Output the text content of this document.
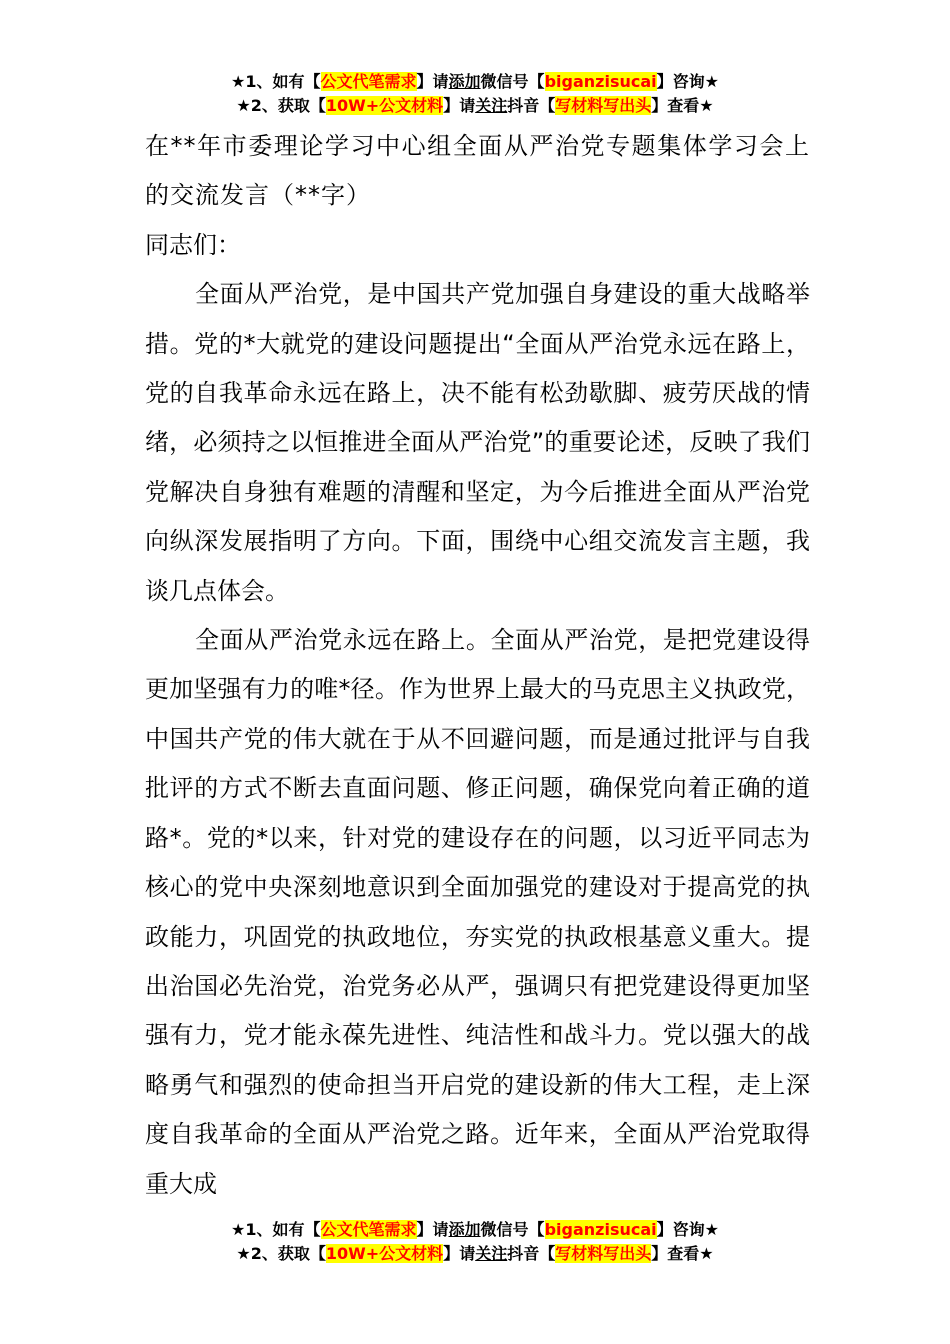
★1、如有【公文代笔需求】请添加微信号【biganzisucai】咨询★
★2、获取【10W+公文材料】请关注抖音【写材料写出头】查看★

在**年市委理论学习中心组全面从严治党专题集体学习会上的交流发言（**字）

同志们：

全面从严治党，是中国共产党加强自身建设的重大战略举措。党的*大就党的建设问题提出“全面从严治党永远在路上，党的自我革命永远在路上，决不能有松劲歇脚、疲劳厌战的情绪，必须持之以恒推进全面从严治党”的重要论述，反映了我们党解决自身独有难题的清醒和坚定，为今后推进全面从严治党向纵深发展指明了方向。下面，围绕中心组交流发言主题，我谈几点体会。

全面从严治党永远在路上。全面从严治党，是把党建设得更加坚强有力的唯*径。作为世界上最大的马克思主义执政党，中国共产党的伟大就在于从不回避问题，而是通过批评与自我批评的方式不断去直面问题、修正问题，确保党向着正确的道路*。党的*以来，针对党的建设存在的问题，以习近平同志为核心的党中央深刻地意识到全面加强党的建设对于提高党的执政能力，巩固党的执政地位，夯实党的执政根基意义重大。提出治国必先治党，治党务必从严，强调只有把党建设得更加坚强有力，党才能永葆先进性、纯洁性和战斗力。党以强大的战略勇气和强烈的使命担当开启党的建设新的伟大工程，走上深度自我革命的全面从严治党之路。近年来，全面从严治党取得重大成

★1、如有【公文代笔需求】请添加微信号【biganzisucai】咨询★
★2、获取【10W+公文材料】请关注抖音【写材料写出头】查看★
